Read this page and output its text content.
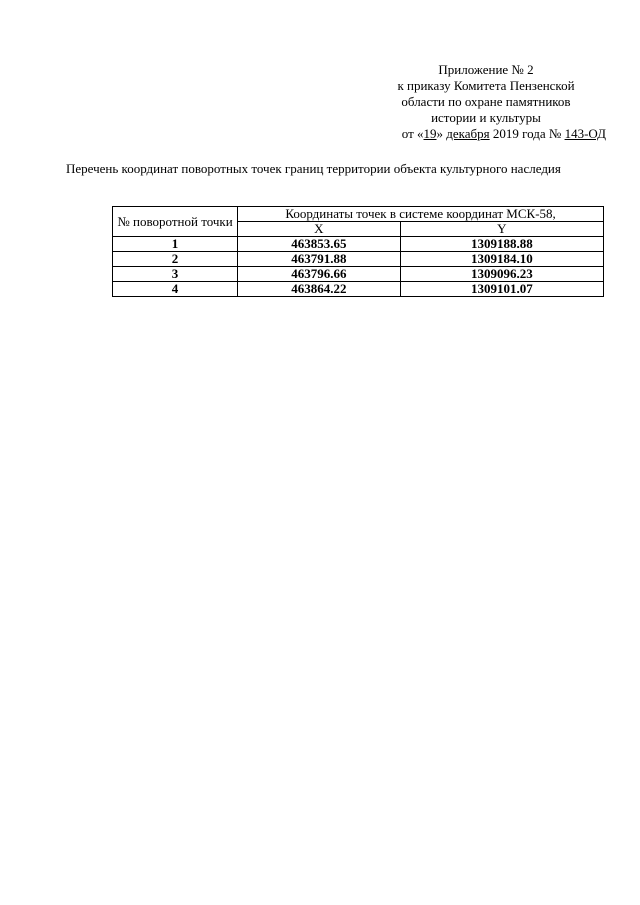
Приложение № 2
к приказу Комитета Пензенской
области по охране памятников
истории и культуры
от «19» декабря 2019 года № 143-ОД
Перечень координат поворотных точек границ территории объекта культурного наследия
№ поворотной точки	Координаты точек в системе координат МСК-58,	
	X	Y
1	463853.65	1309188.88
2	463791.88	1309184.10
3	463796.66	1309096.23
4	463864.22	1309101.07
